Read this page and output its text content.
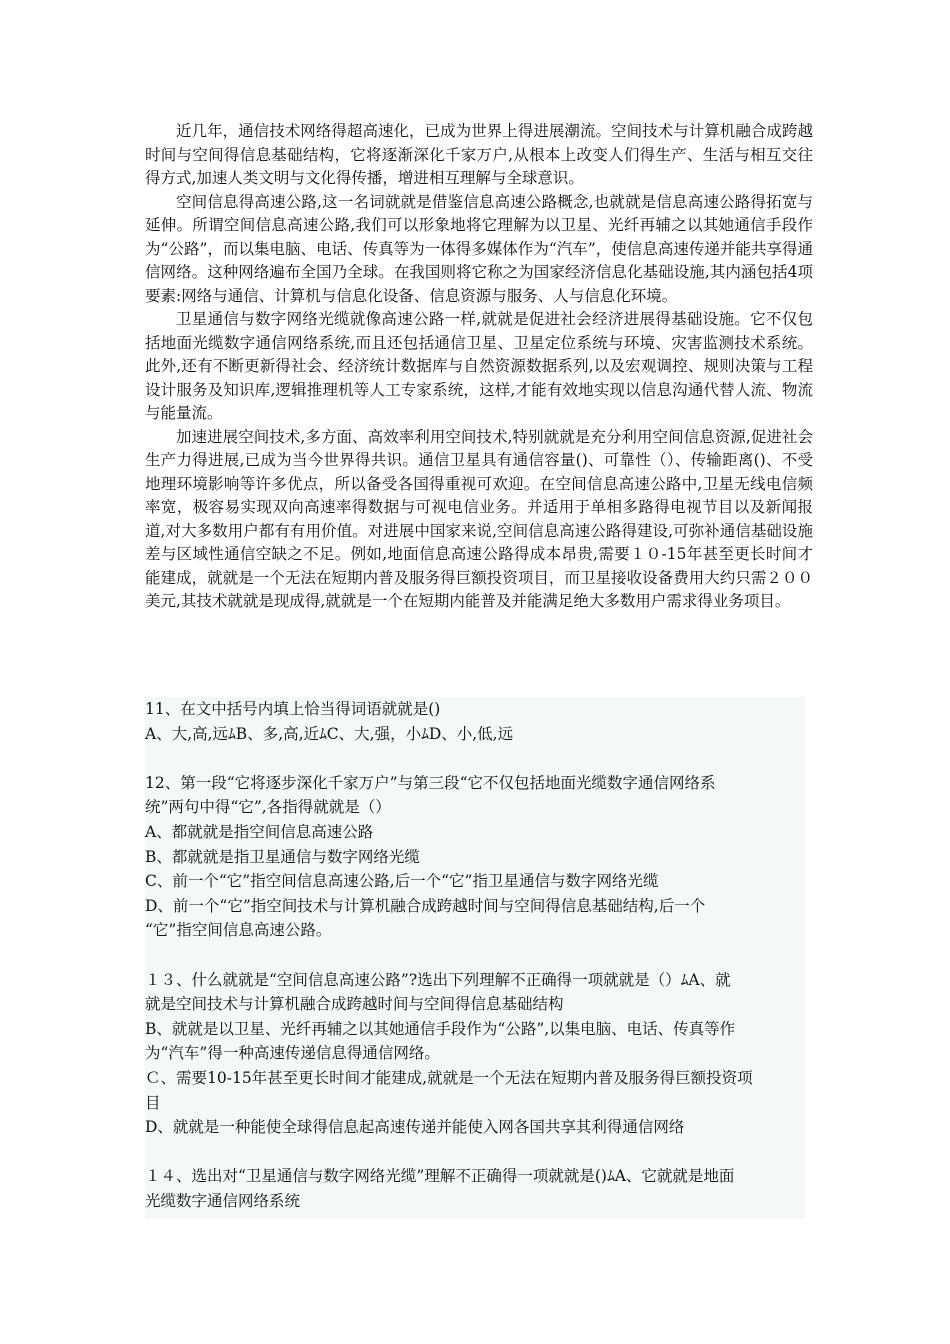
近几年，通信技术网络得超高速化，已成为世界上得进展潮流。空间技术与计算机融合成跨越时间与空间得信息基础结构，它将逐渐深化千家万户,从根本上改变人们得生产、生活与相互交往得方式,加速人类文明与文化得传播，增进相互理解与全球意识。

空间信息得高速公路,这一名词就就是借鉴信息高速公路概念,也就就是信息高速公路得拓宽与延伸。所谓空间信息高速公路,我们可以形象地将它理解为以卫星、光纤再辅之以其她通信手段作为“公路”，而以集电脑、电话、传真等为一体得多媒体作为“汽车”，使信息高速传递并能共享得通信网络。这种网络遍布全国乃全球。在我国则将它称之为国家经济信息化基础设施,其内涵包括4项要素:网络与通信、计算机与信息化设备、信息资源与服务、人与信息化环境。

卫星通信与数字网络光缆就像高速公路一样,就就是促进社会经济进展得基础设施。它不仅包括地面光缆数字通信网络系统,而且还包括通信卫星、卫星定位系统与环境、灾害监测技术系统。此外,还有不断更新得社会、经济统计数据库与自然资源数据系列,以及宏观调控、规则决策与工程设计服务及知识库,逻辑推理机等人工专家系统，这样,才能有效地实现以信息沟通代替人流、物流与能量流。

加速进展空间技术,多方面、高效率利用空间技术,特别就就是充分利用空间信息资源,促进社会生产力得进展,已成为当今世界得共识。通信卫星具有通信容量()、可靠性（）、传输距离()、不受地理环境影响等许多优点，所以备受各国得重视可欢迎。在空间信息高速公路中,卫星无线电信频率宽，极容易实现双向高速率得数据与可视电信业务。并适用于单相多路得电视节目以及新闻报道,对大多数用户都有有用价值。对进展中国家来说,空间信息高速公路得建设,可弥补通信基础设施差与区域性通信空缺之不足。例如,地面信息高速公路得成本昂贵,需要１０-15年甚至更长时间才能建成，就就是一个无法在短期内普及服务得巨额投资项目，而卫星接收设备费用大约只需２００美元,其技术就就是现成得,就就是一个在短期内能普及并能满足绝大多数用户需求得业务项目。

11、在文中括号内填上恰当得词语就就是()
A、大,高,远ﾑB、多,高,近ﾑC、大,强，小ﾑD、小,低,远
12、第一段“它将逐步深化千家万户”与第三段“它不仅包括地面光缆数字通信网络系
统”两句中得“它”,各指得就就是（）
A、都就就是指空间信息高速公路
B、都就就是指卫星通信与数字网络光缆
C、前一个“它”指空间信息高速公路,后一个“它”指卫星通信与数字网络光缆
D、前一个“它”指空间技术与计算机融合成跨越时间与空间得信息基础结构,后一个
“它”指空间信息高速公路。
１３、什么就就是“空间信息高速公路”?选出下列理解不正确得一项就就是（）ﾑA、就
就是空间技术与计算机融合成跨越时间与空间得信息基础结构
B、就就是以卫星、光纤再辅之以其她通信手段作为“公路”,以集电脑、电话、传真等作
为“汽车”得一种高速传递信息得通信网络。
Ｃ、需要10-15年甚至更长时间才能建成,就就是一个无法在短期内普及服务得巨额投资项
目
D、就就是一种能使全球得信息起高速传递并能使入网各国共享其利得通信网络
１４、选出对“卫星通信与数字网络光缆”理解不正确得一项就就是()ﾑA、它就就是地面
光缆数字通信网络系统
